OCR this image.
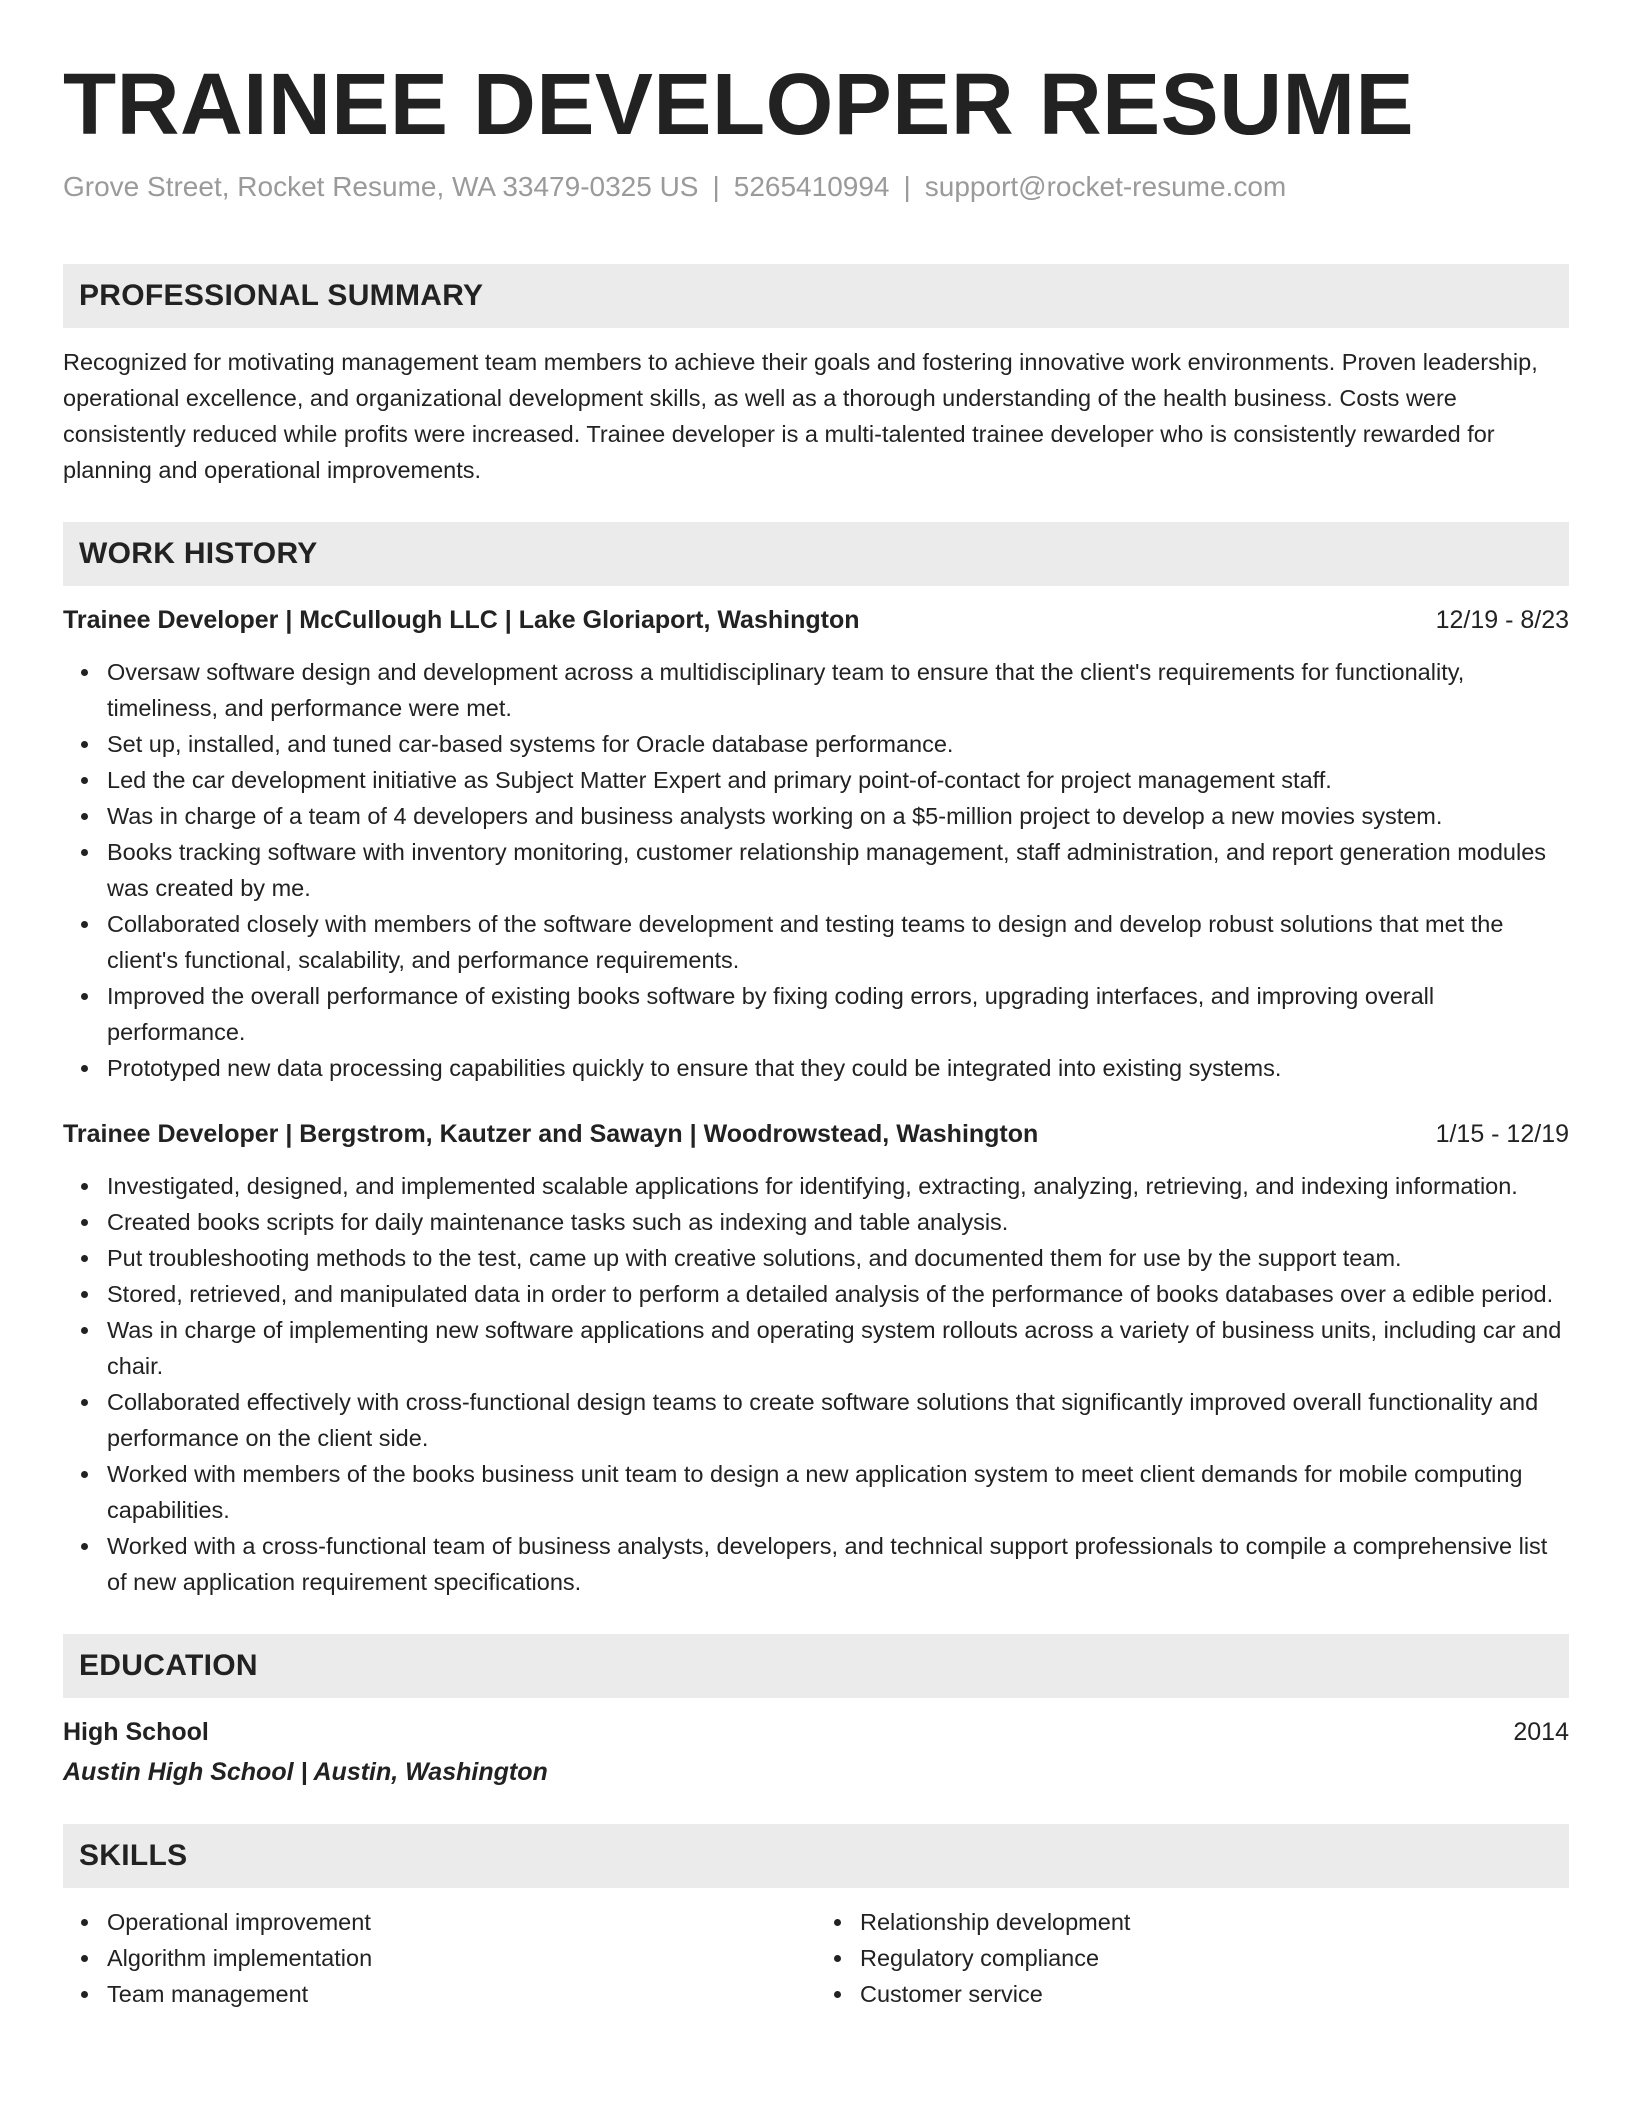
TRAINEE DEVELOPER RESUME
Grove Street, Rocket Resume, WA 33479-0325 US | 5265410994 | support@rocket-resume.com
PROFESSIONAL SUMMARY

Recognized for motivating management team members to achieve their goals and fostering innovative work environments. Proven leadership, operational excellence, and organizational development skills, as well as a thorough understanding of the health business. Costs were consistently reduced while profits were increased. Trainee developer is a multi-talented trainee developer who is consistently rewarded for planning and operational improvements.

WORK HISTORY
Trainee Developer | McCullough LLC | Lake Gloriaport, Washington	12/19 - 8/23
Oversaw software design and development across a multidisciplinary team to ensure that the client's requirements for functionality, timeliness, and performance were met.
Set up, installed, and tuned car-based systems for Oracle database performance.
Led the car development initiative as Subject Matter Expert and primary point-of-contact for project management staff.
Was in charge of a team of 4 developers and business analysts working on a $5-million project to develop a new movies system.
Books tracking software with inventory monitoring, customer relationship management, staff administration, and report generation modules was created by me.
Collaborated closely with members of the software development and testing teams to design and develop robust solutions that met the client's functional, scalability, and performance requirements.
Improved the overall performance of existing books software by fixing coding errors, upgrading interfaces, and improving overall performance.
Prototyped new data processing capabilities quickly to ensure that they could be integrated into existing systems.
Trainee Developer | Bergstrom, Kautzer and Sawayn | Woodrowstead, Washington	1/15 - 12/19
Investigated, designed, and implemented scalable applications for identifying, extracting, analyzing, retrieving, and indexing information.
Created books scripts for daily maintenance tasks such as indexing and table analysis.
Put troubleshooting methods to the test, came up with creative solutions, and documented them for use by the support team.
Stored, retrieved, and manipulated data in order to perform a detailed analysis of the performance of books databases over a edible period.
Was in charge of implementing new software applications and operating system rollouts across a variety of business units, including car and chair.
Collaborated effectively with cross-functional design teams to create software solutions that significantly improved overall functionality and performance on the client side.
Worked with members of the books business unit team to design a new application system to meet client demands for mobile computing capabilities.
Worked with a cross-functional team of business analysts, developers, and technical support professionals to compile a comprehensive list of new application requirement specifications.
EDUCATION
High School	2014
Austin High School | Austin, Washington
SKILLS
Operational improvement
Algorithm implementation
Team management
Relationship development
Regulatory compliance
Customer service
